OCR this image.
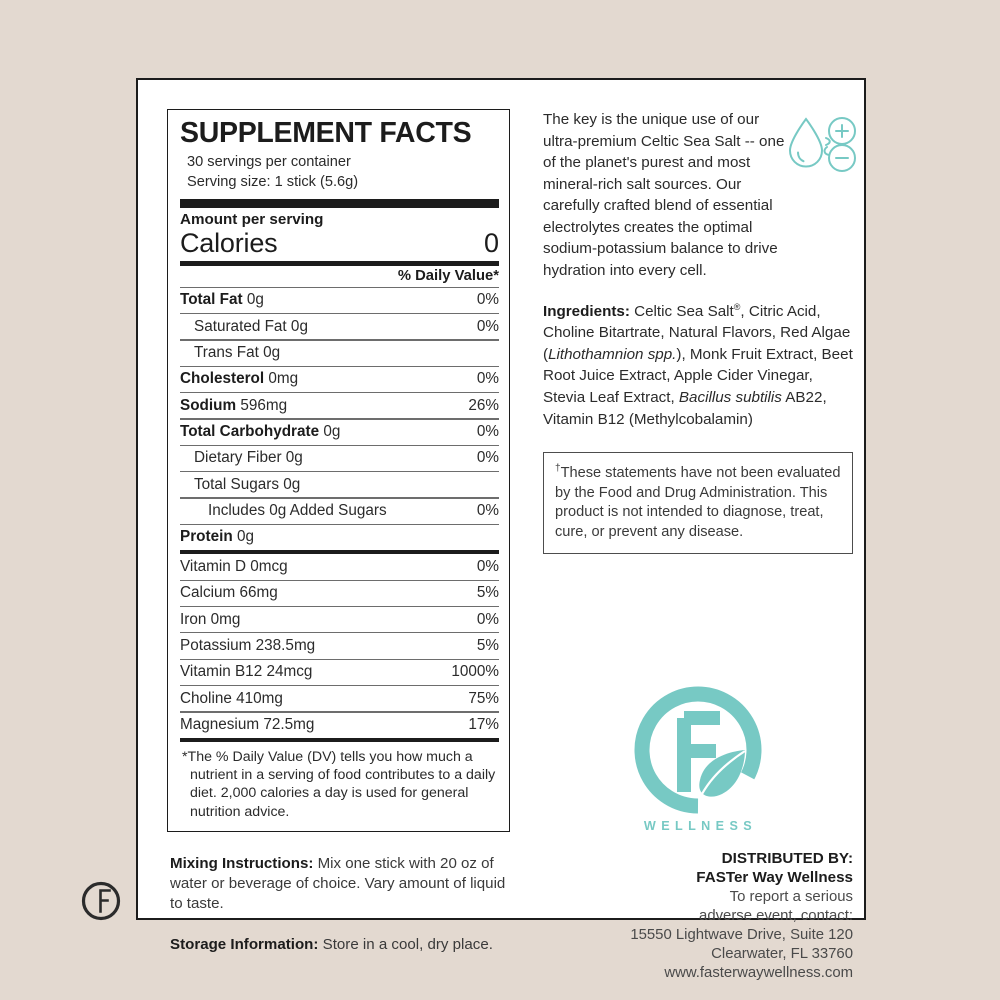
SUPPLEMENT FACTS
30 servings per container
Serving size: 1 stick (5.6g)
Amount per serving
Calories	0
% Daily Value*
Total Fat 0g	0%
Saturated Fat 0g	0%
Trans Fat 0g
Cholesterol 0mg	0%
Sodium 596mg	26%
Total Carbohydrate 0g	0%
Dietary Fiber 0g	0%
Total Sugars 0g
Includes 0g Added Sugars	0%
Protein 0g
Vitamin D 0mcg	0%
Calcium 66mg	5%
Iron 0mg	0%
Potassium 238.5mg	5%
Vitamin B12 24mcg	1000%
Choline 410mg	75%
Magnesium 72.5mg	17%
*The % Daily Value (DV) tells you how much a nutrient in a serving of food contributes to a daily diet. 2,000 calories a day is used for general nutrition advice.
Mixing Instructions: Mix one stick with 20 oz of water or beverage of choice. Vary amount of liquid to taste.
Storage Information: Store in a cool, dry place.
The key is the unique use of our ultra-premium Celtic Sea Salt -- one of the planet's purest and most mineral-rich salt sources. Our carefully crafted blend of essential electrolytes creates the optimal sodium-potassium balance to drive hydration into every cell.
Ingredients: Celtic Sea Salt®, Citric Acid, Choline Bitartrate, Natural Flavors, Red Algae (Lithothamnion spp.), Monk Fruit Extract, Beet Root Juice Extract, Apple Cider Vinegar, Stevia Leaf Extract, Bacillus subtilis AB22, Vitamin B12 (Methylcobalamin)
†These statements have not been evaluated by the Food and Drug Administration. This product is not intended to diagnose, treat, cure, or prevent any disease.
WELLNESS
DISTRIBUTED BY:
FASTer Way Wellness
To report a serious
adverse event, contact:
15550 Lightwave Drive, Suite 120
Clearwater, FL 33760
www.fasterwaywellness.com
